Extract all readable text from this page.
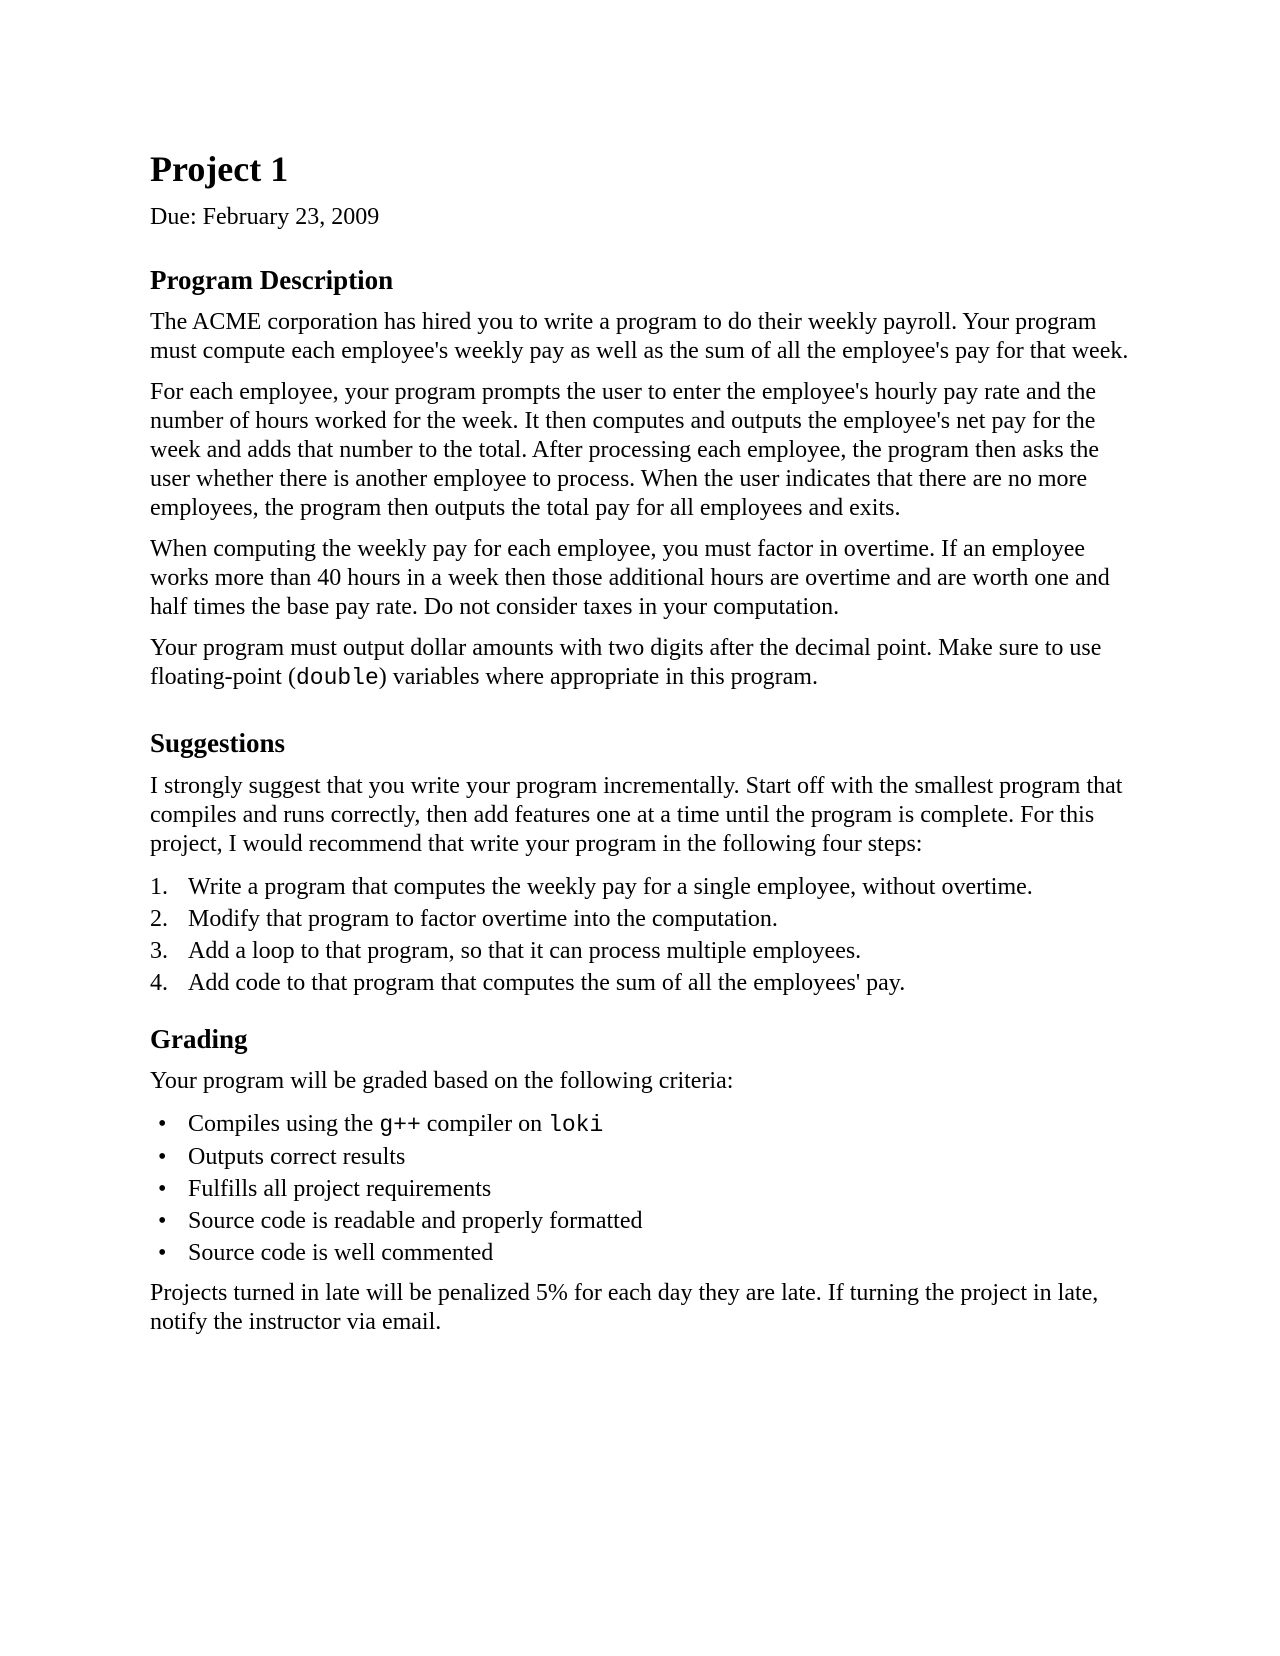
Project 1
Due: February 23, 2009
Program Description

The ACME corporation has hired you to write a program to do their weekly payroll. Your program must compute each employee's weekly pay as well as the sum of all the employee's pay for that week.

For each employee, your program prompts the user to enter the employee's hourly pay rate and the number of hours worked for the week. It then computes and outputs the employee's net pay for the week and adds that number to the total. After processing each employee, the program then asks the user whether there is another employee to process. When the user indicates that there are no more employees, the program then outputs the total pay for all employees and exits.

When computing the weekly pay for each employee, you must factor in overtime. If an employee works more than 40 hours in a week then those additional hours are overtime and are worth one and half times the base pay rate. Do not consider taxes in your computation.

Your program must output dollar amounts with two digits after the decimal point. Make sure to use floating-point (double) variables where appropriate in this program.

Suggestions

I strongly suggest that you write your program incrementally. Start off with the smallest program that compiles and runs correctly, then add features one at a time until the program is complete. For this project, I would recommend that write your program in the following four steps:

1. Write a program that computes the weekly pay for a single employee, without overtime.
2. Modify that program to factor overtime into the computation.
3. Add a loop to that program, so that it can process multiple employees.
4. Add code to that program that computes the sum of all the employees' pay.
Grading

Your program will be graded based on the following criteria:

• Compiles using the g++ compiler on loki
• Outputs correct results
• Fulfills all project requirements
• Source code is readable and properly formatted
• Source code is well commented

Projects turned in late will be penalized 5% for each day they are late. If turning the project in late, notify the instructor via email.
